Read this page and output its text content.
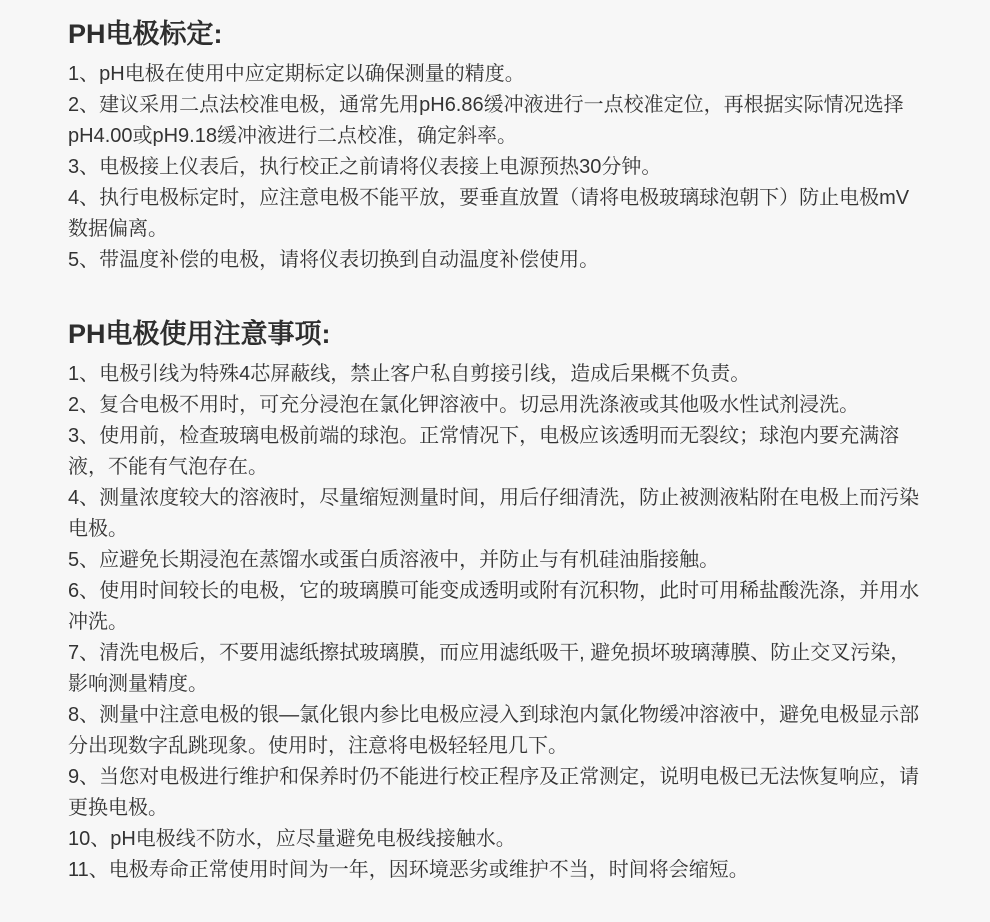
PH电极标定:

1、pH电极在使用中应定期标定以确保测量的精度。

2、建议采用二点法校准电极，通常先用pH6.86缓冲液进行一点校准定位，再根据实际情况选择pH4.00或pH9.18缓冲液进行二点校准，确定斜率。

3、电极接上仪表后，执行校正之前请将仪表接上电源预热30分钟。

4、执行电极标定时，应注意电极不能平放，要垂直放置（请将电极玻璃球泡朝下）防止电极mV数据偏离。

5、带温度补偿的电极，请将仪表切换到自动温度补偿使用。

PH电极使用注意事项:

1、电极引线为特殊4芯屏蔽线，禁止客户私自剪接引线，造成后果概不负责。

2、复合电极不用时，可充分浸泡在氯化钾溶液中。切忌用洗涤液或其他吸水性试剂浸洗。

3、使用前，检查玻璃电极前端的球泡。正常情况下，电极应该透明而无裂纹；球泡内要充满溶液，不能有气泡存在。

4、测量浓度较大的溶液时，尽量缩短测量时间，用后仔细清洗，防止被测液粘附在电极上而污染电极。

5、应避免长期浸泡在蒸馏水或蛋白质溶液中，并防止与有机硅油脂接触。

6、使用时间较长的电极，它的玻璃膜可能变成透明或附有沉积物，此时可用稀盐酸洗涤，并用水冲洗。

7、清洗电极后，不要用滤纸擦拭玻璃膜，而应用滤纸吸干, 避免损坏玻璃薄膜、防止交叉污染，影响测量精度。

8、测量中注意电极的银—氯化银内参比电极应浸入到球泡内氯化物缓冲溶液中，避免电极显示部分出现数字乱跳现象。使用时，注意将电极轻轻甩几下。

9、当您对电极进行维护和保养时仍不能进行校正程序及正常测定，说明电极已无法恢复响应，请更换电极。

10、pH电极线不防水，应尽量避免电极线接触水。

11、电极寿命正常使用时间为一年，因环境恶劣或维护不当，时间将会缩短。
